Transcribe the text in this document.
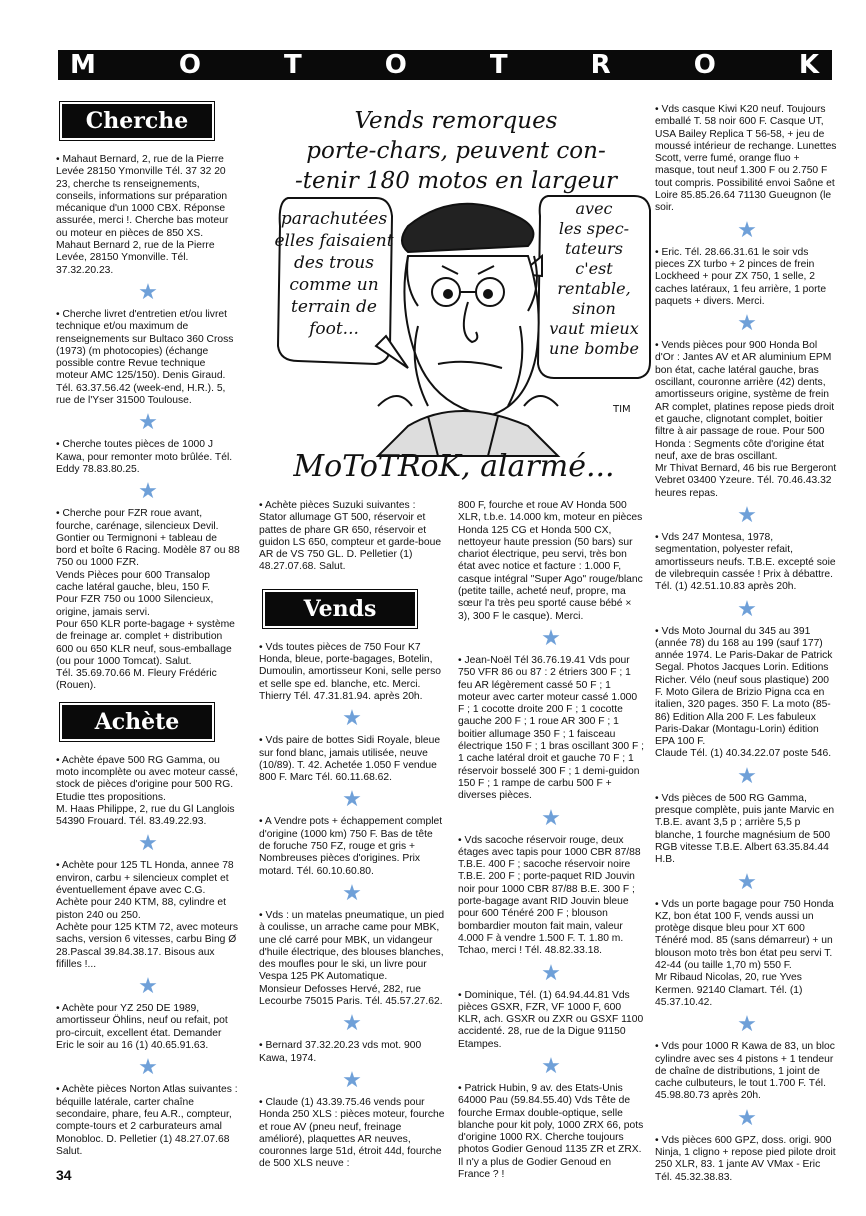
M	O	T	O	T	R	O	K
Cherche

• Mahaut Bernard, 2, rue de la Pierre Levée 28150 Ymonville Tél. 37 32 20 23, cherche ts renseignements, conseils, informations sur préparation mécanique d'un 1000 CBX. Réponse assurée, merci !. Cherche bas moteur ou moteur en pièces de 850 XS.
Mahaut Bernard 2, rue de la Pierre Levée, 28150 Ymonville. Tél. 37.32.20.23.

★

• Cherche livret d'entretien et/ou livret technique et/ou maximum de renseignements sur Bultaco 360 Cross (1973) (m photocopies) (échange possible contre Revue technique moteur AMC 125/150). Denis Giraud. Tél. 63.37.56.42 (week-end, H.R.). 5, rue de l'Yser 31500 Toulouse.

★

• Cherche toutes pièces de 1000 J Kawa, pour remonter moto brûlée. Tél. Eddy 78.83.80.25.

★

• Cherche pour FZR roue avant, fourche, carénage, silencieux Devil. Gontier ou Termignoni + tableau de bord et boîte 6 Racing. Modèle 87 ou 88 750 ou 1000 FZR.
Vends Pièces pour 600 Transalop cache latéral gauche, bleu, 150 F.
Pour FZR 750 ou 1000 Silencieux, origine, jamais servi.
Pour 650 KLR porte-bagage + système de freinage ar. complet + distribution 600 ou 650 KLR neuf, sous-emballage (ou pour 1000 Tomcat). Salut.
Tél. 35.69.70.66 M. Fleury Frédéric (Rouen).

Achète

• Achète épave 500 RG Gamma, ou moto incomplète ou avec moteur cassé, stock de pièces d'origine pour 500 RG. Etudie ttes propositions.
M. Haas Philippe, 2, rue du Gl Langlois 54390 Frouard. Tél. 83.49.22.93.

★

• Achète pour 125 TL Honda, annee 78 environ, carbu + silencieux complet et éventuellement épave avec C.G.
Achète pour 240 KTM, 88, cylindre et piston 240 ou 250.
Achète pour 125 KTM 72, avec moteurs sachs, version 6 vitesses, carbu Bing Ø 28.Pascal 39.84.38.17. Bisous aux fifilles !...

★

• Achète pour YZ 250 DE 1989, amortisseur Öhlins, neuf ou refait, pot pro-circuit, excellent état. Demander Eric le soir au 16 (1) 40.65.91.63.

★

• Achète pièces Norton Atlas suivantes : béquille latérale, carter chaîne secondaire, phare, feu A.R., compteur, compte-tours et 2 carburateurs amal Monobloc. D. Pelletier (1) 48.27.07.68 Salut.

Vends remorques
porte-chars, peuvent con-
-tenir 180 motos en largeur
parachutées
elles faisaient
des trous
comme un
terrain de
foot...
avec
les spec-
tateurs
c'est
rentable,
sinon
vaut mieux
une bombe
TIM
MoToTRoK, alarmé...

• Achète pièces Suzuki suivantes : Stator allumage GT 500, réservoir et pattes de phare GR 650, réservoir et guidon LS 650, compteur et garde-boue AR de VS 750 GL. D. Pelletier (1) 48.27.07.68. Salut.

Vends

• Vds toutes pièces de 750 Four K7 Honda, bleue, porte-bagages, Botelin, Dumoulin, amortisseur Koni, selle perso et selle spe ed. blanche, etc. Merci.
Thierry Tél. 47.31.81.94. après 20h.

★

• Vds paire de bottes Sidi Royale, bleue sur fond blanc, jamais utilisée, neuve (10/89). T. 42. Achetée 1.050 F vendue 800 F. Marc Tél. 60.11.68.62.

★

• A Vendre pots + échappement complet d'origine (1000 km) 750 F. Bas de tête de foruche 750 FZ, rouge et gris + Nombreuses pièces d'origines. Prix motard. Tél. 60.10.60.80.

★

• Vds : un matelas pneumatique, un pied à coulisse, un arrache came pour MBK, une clé carré pour MBK, un vidangeur d'huile électrique, des blouses blanches, des moufles pour le ski, un livre pour Vespa 125 PK Automatique.
Monsieur Defosses Hervé, 282, rue Lecourbe 75015 Paris. Tél. 45.57.27.62.

★

• Bernard 37.32.20.23 vds mot. 900 Kawa, 1974.

★

• Claude (1) 43.39.75.46 vends pour Honda 250 XLS : pièces moteur, fourche et roue AV (pneu neuf, freinage amélioré), plaquettes AR neuves, couronnes large 51d, étroit 44d, fourche de 500 XLS neuve :

800 F, fourche et roue AV Honda 500 XLR, t.b.e. 14.000 km, moteur en pièces Honda 125 CG et Honda 500 CX, nettoyeur haute pression (50 bars) sur chariot électrique, peu servi, très bon état avec notice et facture : 1.000 F, casque intégral "Super Ago" rouge/blanc (petite taille, acheté neuf, propre, ma sœur l'a très peu sporté cause bébé × 3), 300 F le casque). Merci.

★

• Jean-Noël Tél 36.76.19.41 Vds pour 750 VFR 86 ou 87 : 2 étriers 300 F ; 1 feu AR légèrement cassé 50 F ; 1 moteur avec carter moteur cassé 1.000 F ; 1 cocotte droite 200 F ; 1 cocotte gauche 200 F ; 1 roue AR 300 F ; 1 boitier allumage 350 F ; 1 faisceau électrique 150 F ; 1 bras oscillant 300 F ; 1 cache latéral droit et gauche 70 F ; 1 réservoir bosselé 300 F ; 1 demi-guidon 150 F ; 1 rampe de carbu 500 F + diverses pièces.

★

• Vds sacoche réservoir rouge, deux étages avec tapis pour 1000 CBR 87/88 T.B.E. 400 F ; sacoche réservoir noire T.B.E. 200 F ; porte-paquet RID Jouvin noir pour 1000 CBR 87/88 B.E. 300 F ; porte-bagage avant RID Jouvin bleue pour 600 Ténéré 200 F ; blouson bombardier mouton fait main, valeur 4.000 F à vendre 1.500 F. T. 1.80 m. Tchao, merci ! Tél. 48.82.33.18.

★

• Dominique, Tél. (1) 64.94.44.81 Vds pièces GSXR, FZR, VF 1000 F, 600 KLR, ach. GSXR ou ZXR ou GSXF 1100 accidenté. 28, rue de la Digue 91150 Etampes.

★

• Patrick Hubin, 9 av. des Etats-Unis 64000 Pau (59.84.55.40) Vds Tête de fourche Ermax double-optique, selle blanche pour kit poly, 1000 ZRX 66, pots d'origine 1000 RX. Cherche toujours photos Godier Genoud 1135 ZR et ZRX. Il n'y a plus de Godier Genoud en France ? !

• Vds casque Kiwi K20 neuf. Toujours emballé T. 58 noir 600 F. Casque UT, USA Bailey Replica T 56-58, + jeu de moussé intérieur de rechange. Lunettes Scott, verre fumé, orange fluo + masque, tout neuf 1.300 F ou 2.750 F tout compris. Possibilité envoi Saône et Loire 85.85.26.64 71130 Gueugnon (le soir.

★

• Eric. Tél. 28.66.31.61 le soir vds pieces ZX turbo + 2 pinces de frein Lockheed + pour ZX 750, 1 selle, 2 caches latéraux, 1 feu arrière, 1 porte paquets + divers. Merci.

★

• Vends pièces pour 900 Honda Bol d'Or : Jantes AV et AR aluminium EPM bon état, cache latéral gauche, bras oscillant, couronne arrière (42) dents, amortisseurs origine, système de frein AR complet, platines repose pieds droit et gauche, clignotant complet, boitier filtre à air passage de roue. Pour 500 Honda : Segments côte d'origine état neuf, axe de bras oscillant.
Mr Thivat Bernard, 46 bis rue Bergeront Vebret 03400 Yzeure. Tél. 70.46.43.32 heures repas.

★

• Vds 247 Montesa, 1978, segmentation, polyester refait, amortisseurs neufs. T.B.E. excepté soie de vilebrequin cassée ! Prix à débattre. Tél. (1) 42.51.10.83 après 20h.

★

• Vds Moto Journal du 345 au 391 (année 78) du 168 au 199 (sauf 177) année 1974. Le Paris-Dakar de Patrick Segal. Photos Jacques Lorin. Editions Richer. Vélo (neuf sous plastique) 200 F. Moto Gilera de Brizio Pigna cca en italien, 320 pages. 350 F. La moto (85-86) Edition Alla 200 F. Les fabuleux Paris-Dakar (Montagu-Lorin) édition EPA 100 F.
Claude Tél. (1) 40.34.22.07 poste 546.

★

• Vds pièces de 500 RG Gamma, presque complète, puis jante Marvic en T.B.E. avant 3,5 p ; arrière 5,5 p blanche, 1 fourche magnésium de 500 RGB vitesse T.B.E. Albert 63.35.84.44 H.B.

★

• Vds un porte bagage pour 750 Honda KZ, bon état 100 F, vends aussi un protège disque bleu pour XT 600 Ténéré mod. 85 (sans démarreur) + un blouson moto très bon état peu servi T. 42-44 (ou taille 1,70 m) 550 F.
Mr Ribaud Nicolas, 20, rue Yves Kermen. 92140 Clamart. Tél. (1) 45.37.10.42.

★

• Vds pour 1000 R Kawa de 83, un bloc cylindre avec ses 4 pistons + 1 tendeur de chaîne de distributions, 1 joint de cache culbuteurs, le tout 1.700 F. Tél. 45.98.80.73 après 20h.

★

• Vds pièces 600 GPZ, doss. origi. 900 Ninja, 1 cligno + repose pied pilote droit 250 XLR, 83. 1 jante AV VMax - Eric Tél. 45.32.38.83.

34
